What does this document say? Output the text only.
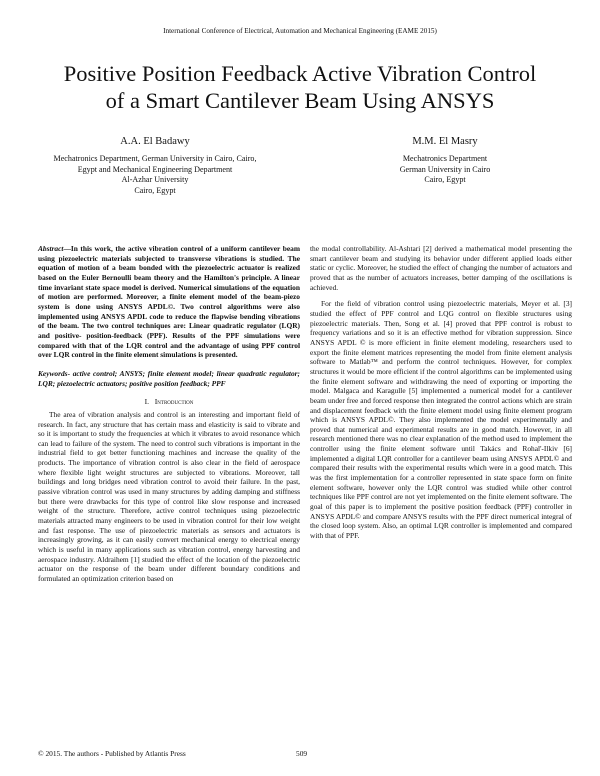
International Conference of Electrical, Automation and Mechanical Engineering (EAME 2015)
Positive Position Feedback Active Vibration Control
of a Smart Cantilever Beam Using ANSYS
A.A. El Badawy
Mechatronics Department, German University in Cairo, Cairo,
Egypt and Mechanical Engineering Department
Al-Azhar University
Cairo, Egypt
M.M. El Masry
Mechatronics Department
German University in Cairo
Cairo, Egypt

Abstract—In this work, the active vibration control of a uniform cantilever beam using piezoelectric materials subjected to transverse vibrations is studied. The equation of motion of a beam bonded with the piezoelectric actuator is realized based on the Euler Bernoulli beam theory and the Hamilton's principle. A linear time invariant state space model is derived. Numerical simulations of the equation of motion are performed. Moreover, a finite element model of the beam-piezo system is done using ANSYS APDL©. Two control algorithms were also implemented using ANSYS APDL code to reduce the flapwise bending vibrations of the beam. The two control techniques are: Linear quadratic regulator (LQR) and positive- position-feedback (PPF). Results of the PPF simulations were compared with that of the LQR control and the advantage of using PPF control over LQR control in the finite element simulations is presented.

Keywords- active control; ANSYS; finite element model; linear quadratic regulator; LQR; piezoelectric actuators; positive position feedback; PPF

I. Introduction

The area of vibration analysis and control is an interesting and important field of research. In fact, any structure that has certain mass and elasticity is said to vibrate and so it is important to study the frequencies at which it vibrates to avoid resonance which can lead to failure of the system. The need to control such vibrations is important in the industrial field to get better functioning machines and increase the quality of the products. The importance of vibration control is also clear in the field of aerospace where flexible light weight structures are subjected to vibrations. Moreover, tall buildings and long bridges need vibration control to avoid their failure. In the past, passive vibration control was used in many structures by adding damping and stiffness but there were drawbacks for this type of control like slow response and increased weight of the structure. Therefore, active control techniques using piezoelectric materials attracted many engineers to be used in vibration control for their low weight and fast response. The use of piezoelectric materials as sensors and actuators is increasingly growing, as it can easily convert mechanical energy to electrical energy which is useful in many applications such as vibration control, energy harvesting and aerospace industry. Aldraihem [1] studied the effect of the location of the piezoelectric actuator on the response of the beam under different boundary conditions and formulated an optimization criterion based on

the modal controllability. Al-Ashtari [2] derived a mathematical model presenting the smart cantilever beam and studying its behavior under different applied loads either static or cyclic. Moreover, he studied the effect of changing the number of actuators and proved that as the number of actuators increases, better damping of the oscillations is achieved.

For the field of vibration control using piezoelectric materials, Meyer et al. [3] studied the effect of PPF control and LQG control on flexible structures using piezoelectric materials. Then, Song et al. [4] proved that PPF control is robust to frequency variations and so it is an effective method for vibration suppression. Since ANSYS APDL © is more efficient in finite element modeling, researchers used to export the finite element matrices representing the model from finite element analysis software to Matlab™ and perform the control techniques. However, for complex structures it would be more efficient if the control algorithms can be implemented using the finite element software and withdrawing the need of exporting or importing the model. Malgaca and Karagulle [5] implemented a numerical model for a cantilever beam under free and forced response then integrated the control actions which are strain and displacement feedback with the finite element model using finite element program which is ANSYS APDL©. They also implemented the model experimentally and proved that numerical and experimental results are in good match. However, in all research mentioned there was no clear explanation of the method used to implement the controller using the finite element software until Takács and Rohal'-Ilkiv [6] implemented a digital LQR controller for a cantilever beam using ANSYS APDL© and compared their results with the experimental results which were in a good match. This was the first implementation for a controller represented in state space form on finite element software, however only the LQR control was studied while other control techniques like PPF control are not yet implemented on the finite element software. The goal of this paper is to implement the positive position feedback (PPF) controller in ANSYS APDL© and compare ANSYS results with the PPF direct numerical integral of the closed loop system. Also, an optimal LQR controller is implemented and compared with that of PPF.

© 2015. The authors - Published by Atlantis Press	509
